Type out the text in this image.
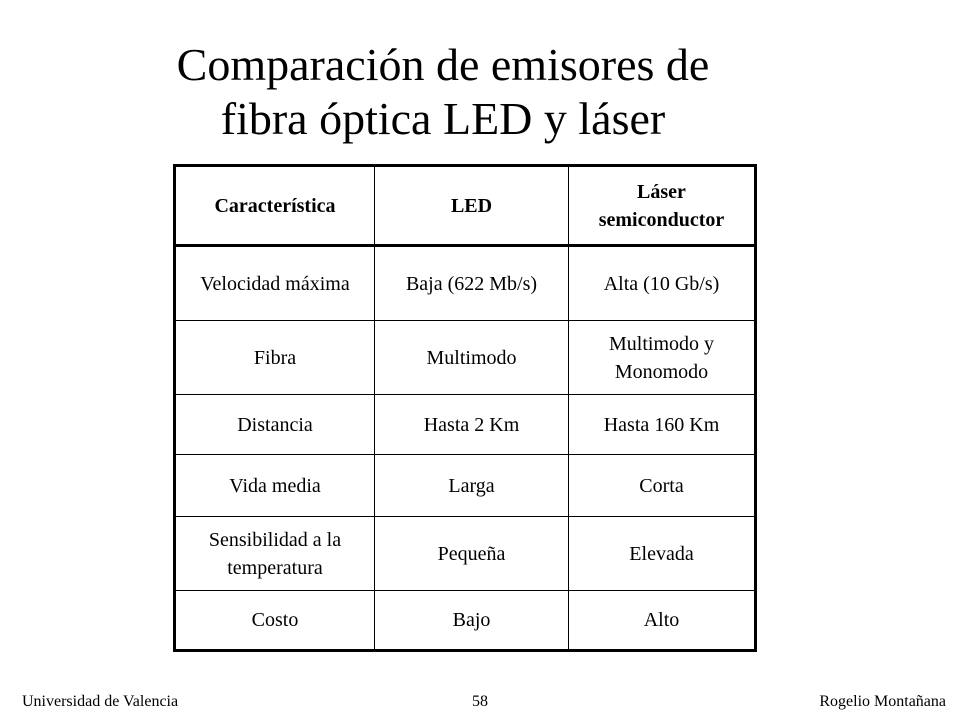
Comparación de emisores de
fibra óptica LED y láser
Característica	LED	Láser semiconductor
Velocidad máxima	Baja (622 Mb/s)	Alta (10 Gb/s)
Fibra	Multimodo	Multimodo y Monomodo
Distancia	Hasta 2 Km	Hasta 160 Km
Vida media	Larga	Corta
Sensibilidad a la temperatura	Pequeña	Elevada
Costo	Bajo	Alto
Universidad de Valencia	58	Rogelio Montañana
